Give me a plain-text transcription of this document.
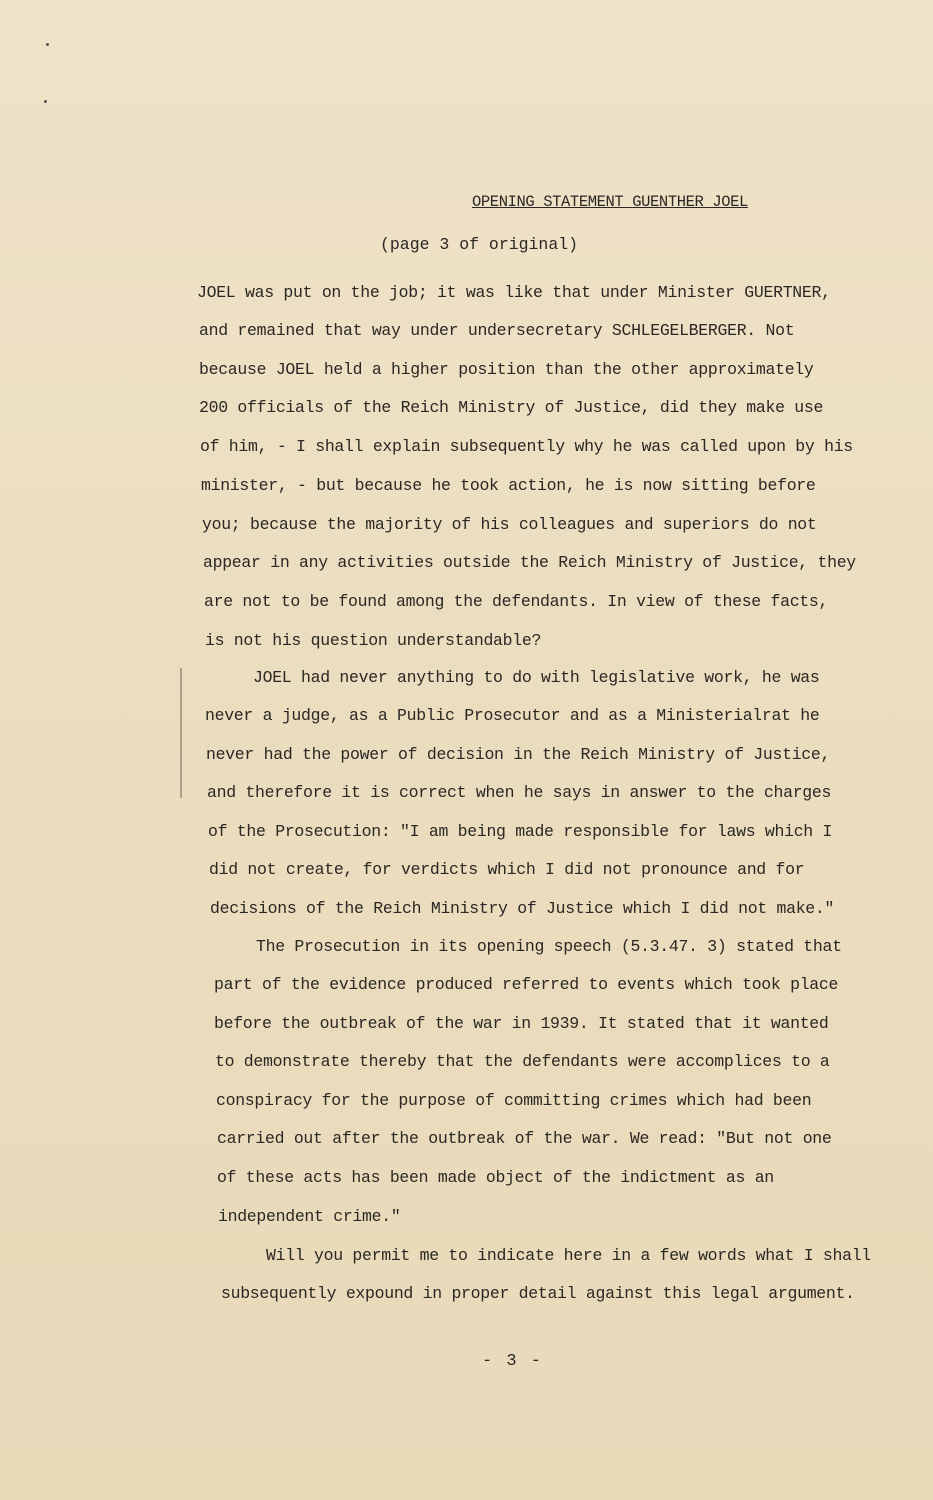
OPENING STATEMENT GUENTHER JOEL
(page 3 of original)
JOEL was put on the job; it was like that under Minister GUERTNER,
and remained that way under undersecretary SCHLEGELBERGER. Not
because JOEL held a higher position than the other approximately
200 officials of the Reich Ministry of Justice, did they make use
of him, - I shall explain subsequently why he was called upon by his
minister, - but because he took action, he is now sitting before
you; because the majority of his colleagues and superiors do not
appear in any activities outside the Reich Ministry of Justice, they
are not to be found among the defendants. In view of these facts,
is not his question understandable?
JOEL had never anything to do with legislative work, he was
never a judge, as a Public Prosecutor and as a Ministerialrat he
never had the power of decision in the Reich Ministry of Justice,
and therefore it is correct when he says in answer to the charges
of the Prosecution: "I am being made responsible for laws which I
did not create, for verdicts which I did not pronounce and for
decisions of the Reich Ministry of Justice which I did not make."
The Prosecution in its opening speech (5.3.47. 3) stated that
part of the evidence produced referred to events which took place
before the outbreak of the war in 1939. It stated that it wanted
to demonstrate thereby that the defendants were accomplices to a
conspiracy for the purpose of committing crimes which had been
carried out after the outbreak of the war. We read: "But not one
of these acts has been made object of the indictment as an
independent crime."
Will you permit me to indicate here in a few words what I shall
subsequently expound in proper detail against this legal argument.
- 3 -
